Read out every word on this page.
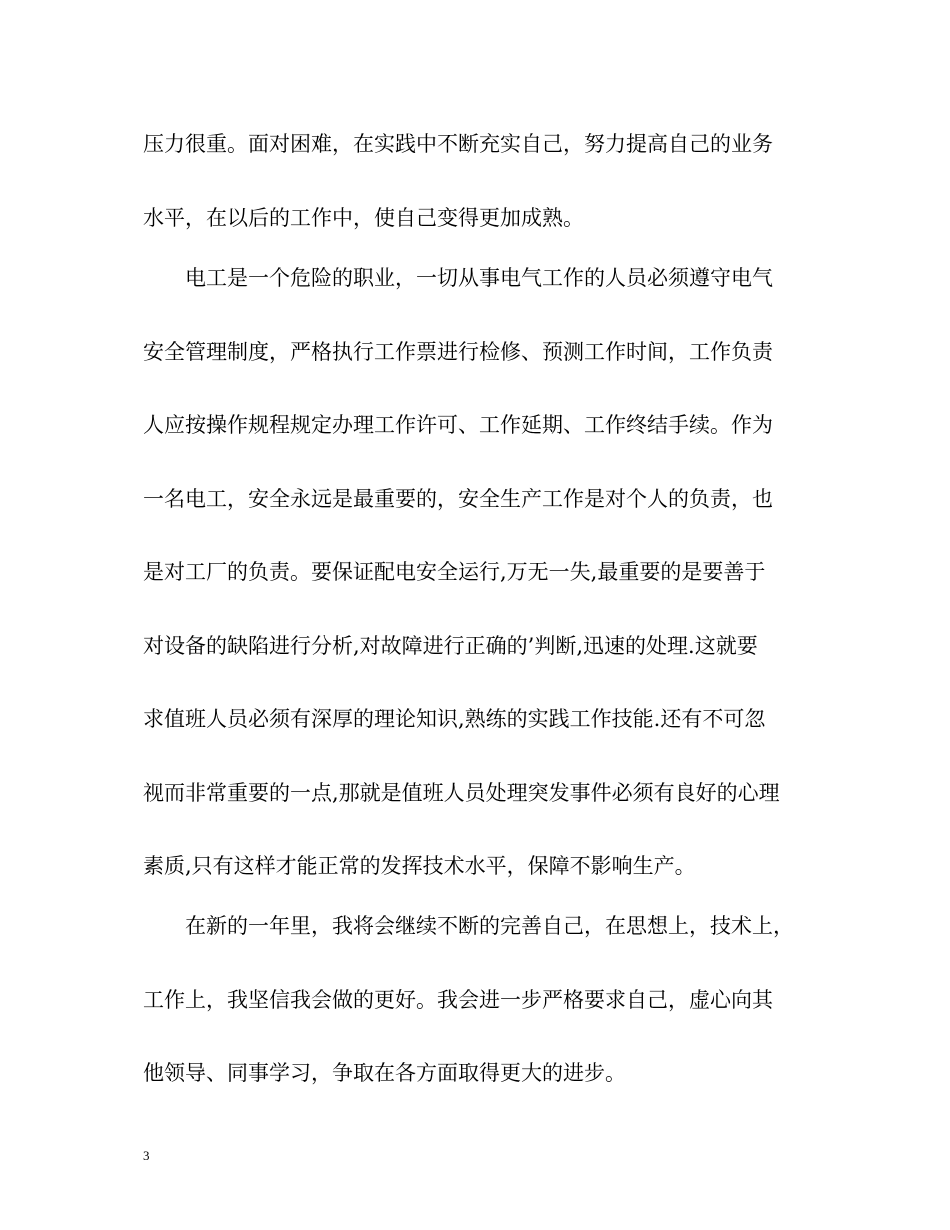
压力很重。面对困难，在实践中不断充实自己，努力提高自己的业务
水平，在以后的工作中，使自己变得更加成熟。
　　电工是一个危险的职业，一切从事电气工作的人员必须遵守电气
安全管理制度，严格执行工作票进行检修、预测工作时间，工作负责
人应按操作规程规定办理工作许可、工作延期、工作终结手续。作为
一名电工，安全永远是最重要的，安全生产工作是对个人的负责，也
是对工厂的负责。要保证配电安全运行,万无一失,最重要的是要善于
对设备的缺陷进行分析,对故障进行正确的’判断,迅速的处理.这就要
求值班人员必须有深厚的理论知识,熟练的实践工作技能.还有不可忽
视而非常重要的一点,那就是值班人员处理突发事件必须有良好的心理
素质,只有这样才能正常的发挥技术水平，保障不影响生产。
　　在新的一年里，我将会继续不断的完善自己，在思想上，技术上，
工作上，我坚信我会做的更好。我会进一步严格要求自己，虚心向其
他领导、同事学习，争取在各方面取得更大的进步。
3
